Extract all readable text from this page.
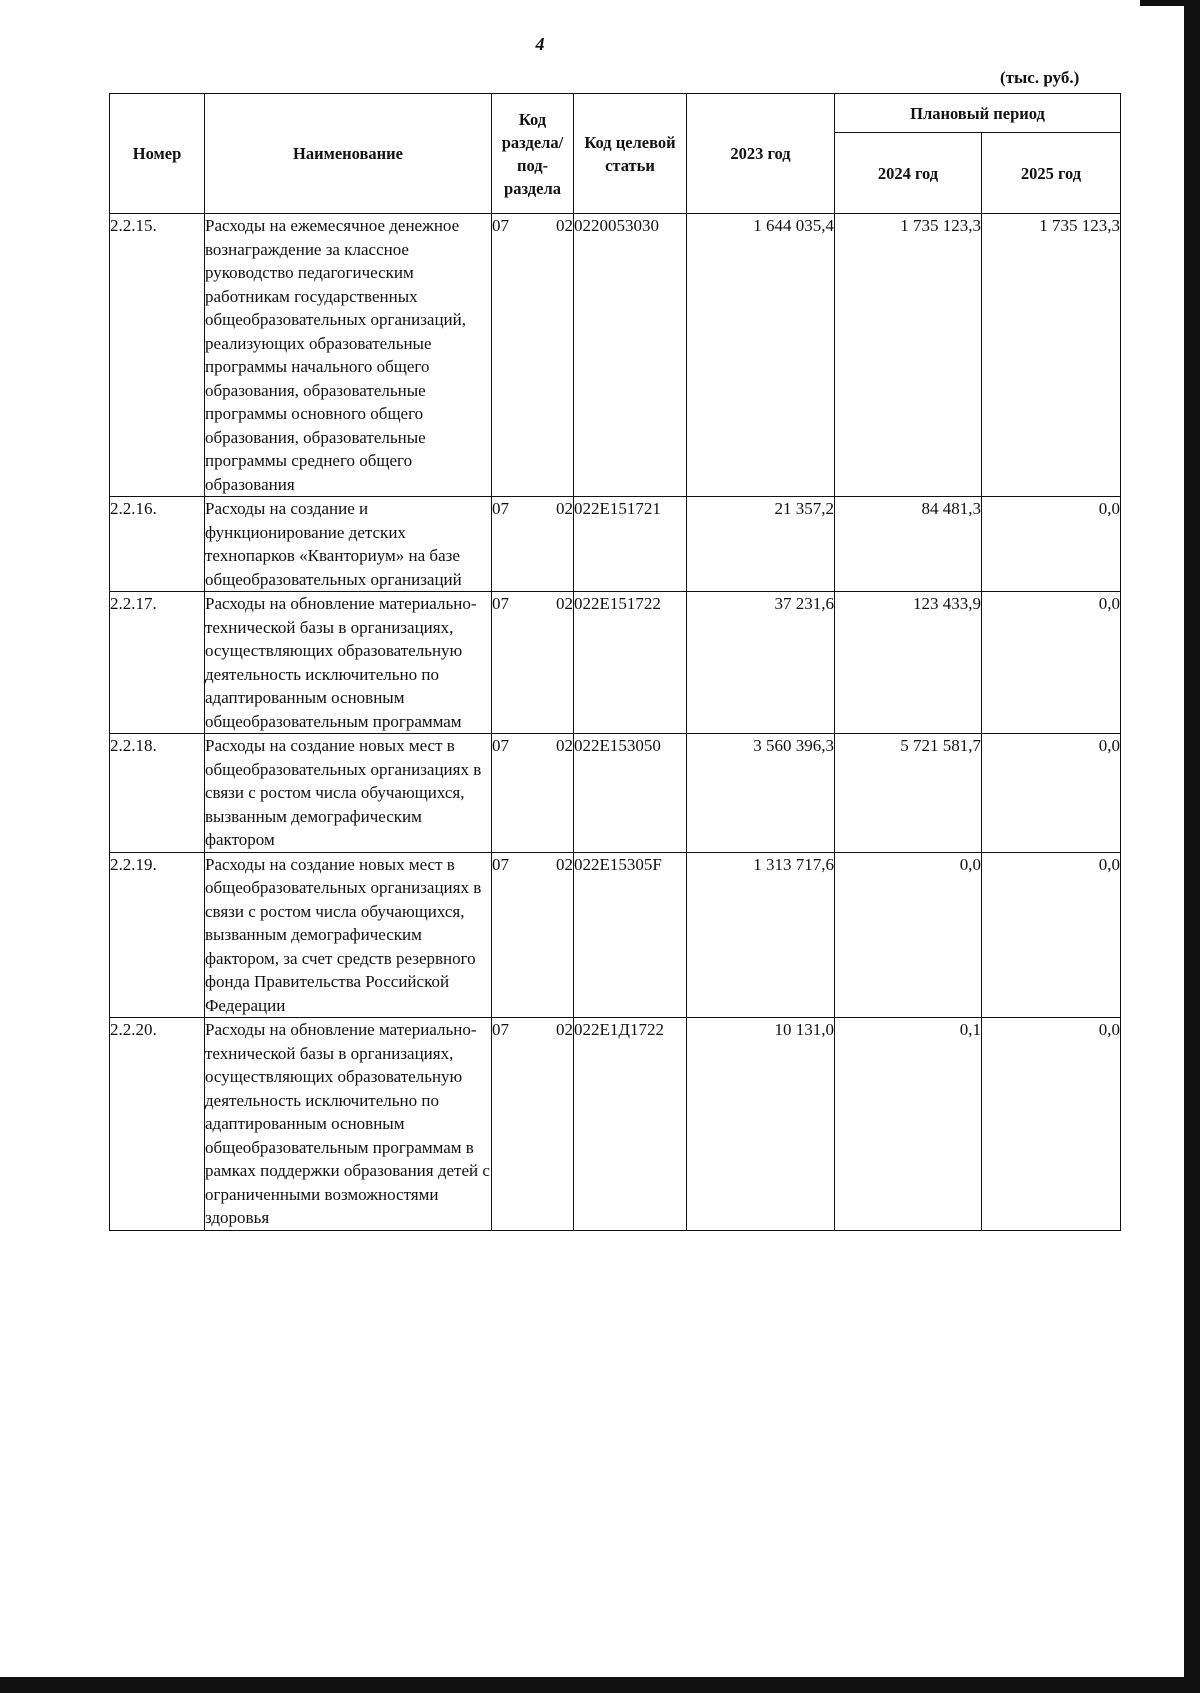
4
(тыс. руб.)
Номер	Наименование	Код раздела/ под-раздела	Код целевой статьи	2023 год	Плановый период	
					2024 год	2025 год
2.2.15.	Расходы на ежемесячное денежное вознаграждение за классное руководство педагогическим работникам государственных общеобразовательных организаций, реализующих образовательные программы начального общего образования, образовательные программы основного общего образования, образовательные программы среднего общего образования	07 02	0220053030	1 644 035,4	1 735 123,3	1 735 123,3
2.2.16.	Расходы на создание и функционирование детских технопарков «Кванториум» на базе общеобразовательных организаций	07 02	022Е151721	21 357,2	84 481,3	0,0
2.2.17.	Расходы на обновление материально-технической базы в организациях, осуществляющих образовательную деятельность исключительно по адаптированным основным общеобразовательным программам	07 02	022Е151722	37 231,6	123 433,9	0,0
2.2.18.	Расходы на создание новых мест в общеобразовательных организациях в связи с ростом числа обучающихся, вызванным демографическим фактором	07 02	022Е153050	3 560 396,3	5 721 581,7	0,0
2.2.19.	Расходы на создание новых мест в общеобразовательных организациях в связи с ростом числа обучающихся, вызванным демографическим фактором, за счет средств резервного фонда Правительства Российской Федерации	07 02	022Е15305F	1 313 717,6	0,0	0,0
2.2.20.	Расходы на обновление материально-технической базы в организациях, осуществляющих образовательную деятельность исключительно по адаптированным основным общеобразовательным программам в рамках поддержки образования детей с ограниченными возможностями здоровья	07 02	022Е1Д1722	10 131,0	0,1	0,0
